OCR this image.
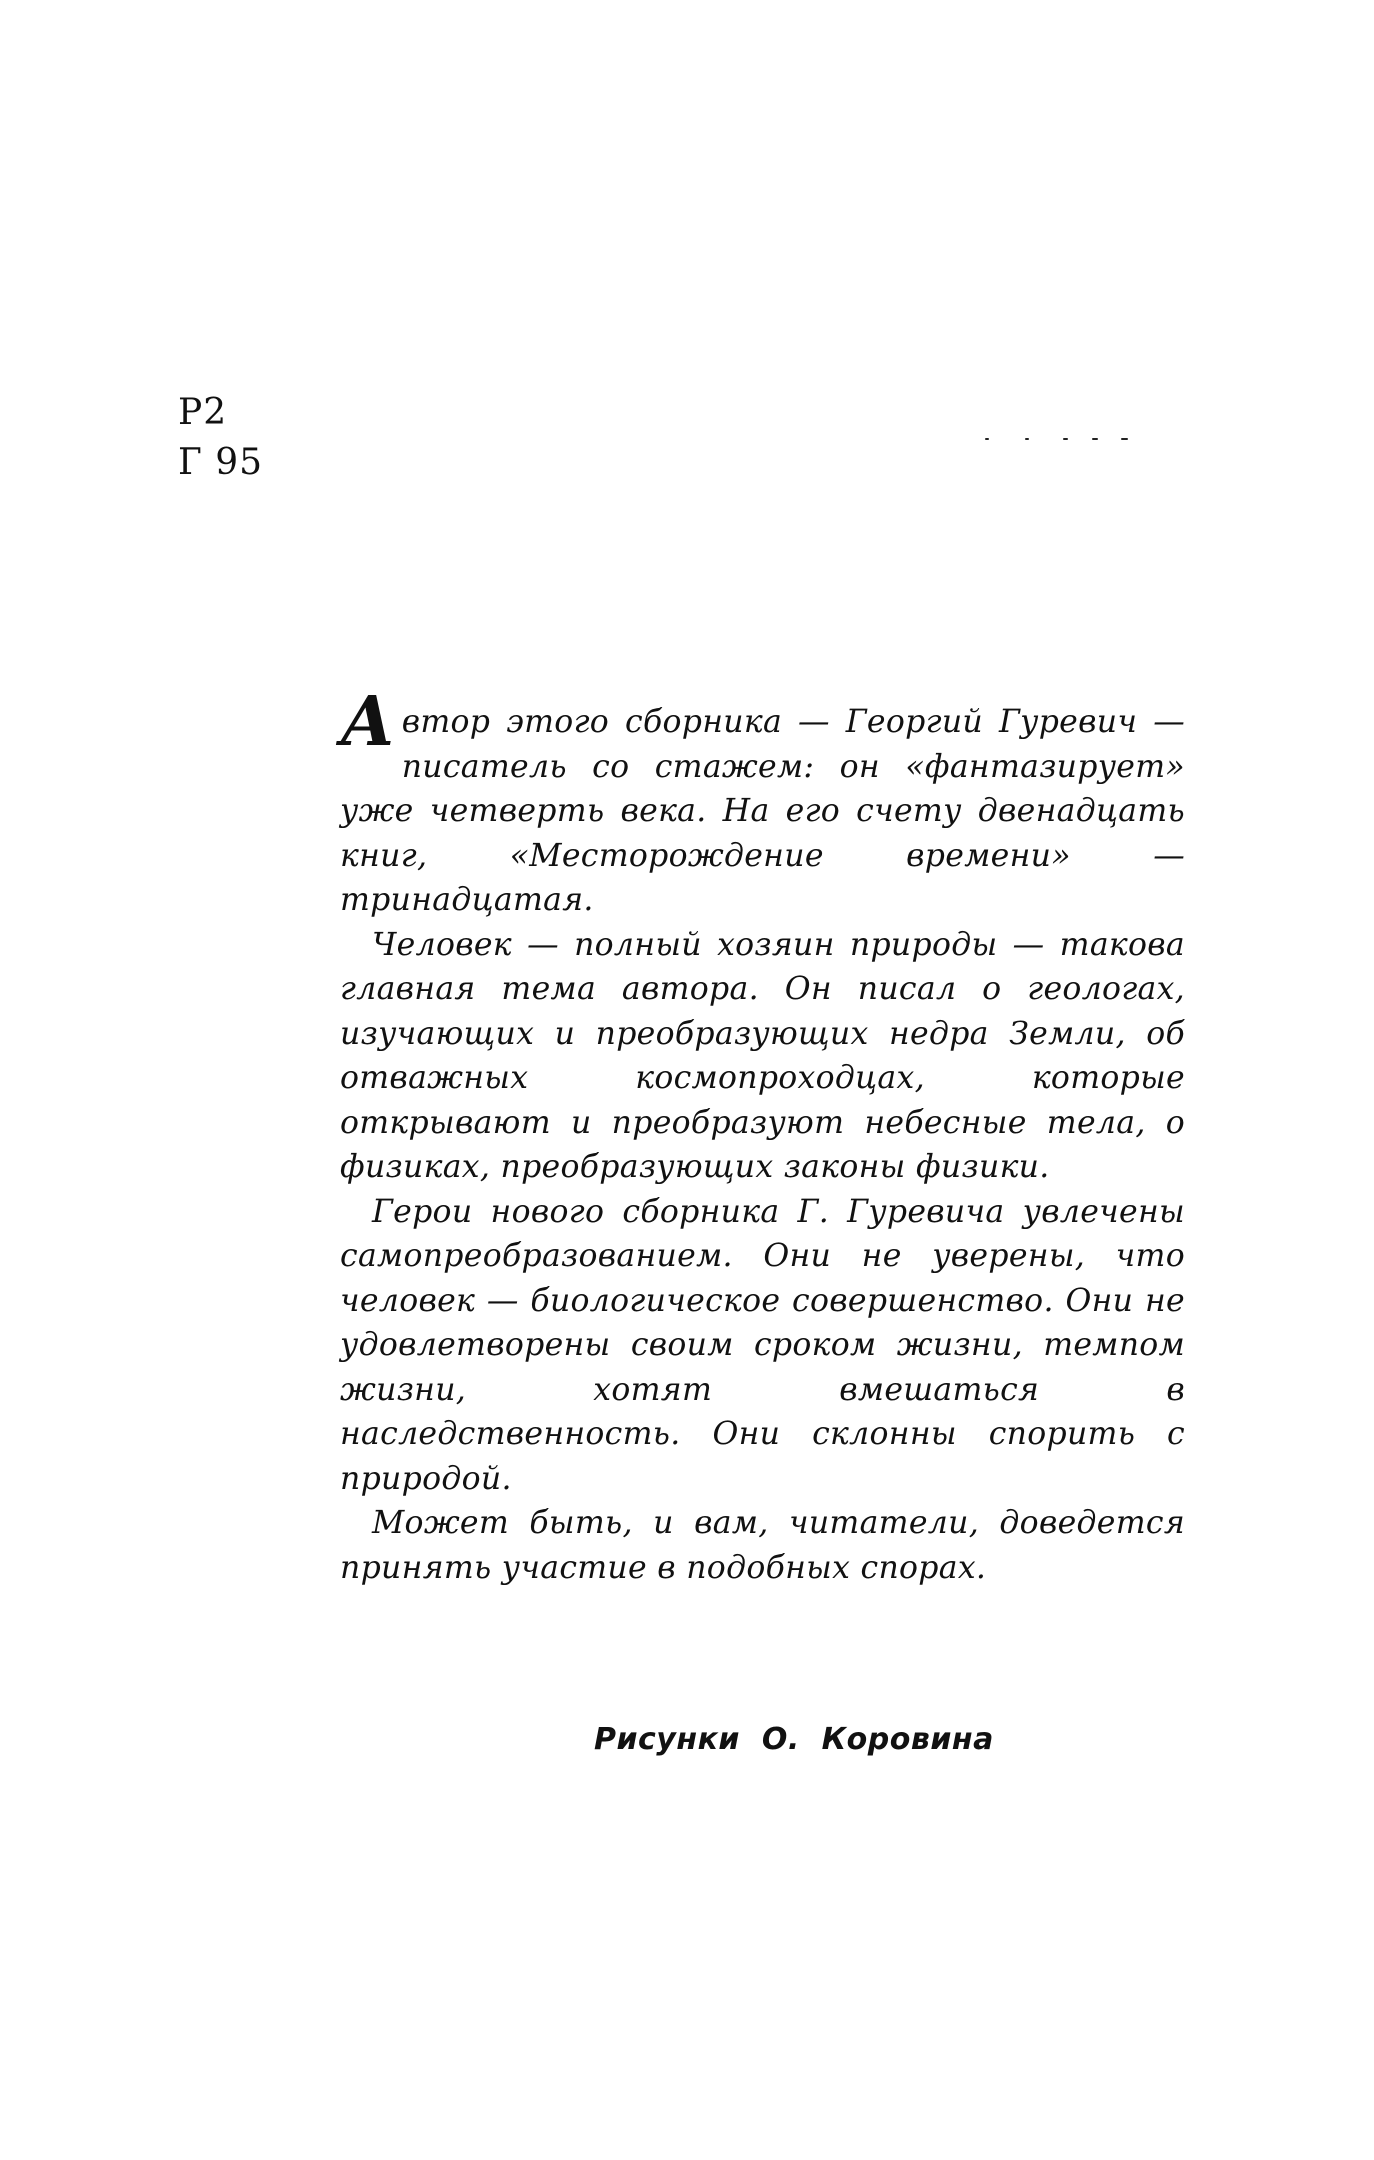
Р2
Г 95

Автор этого сборника — Георгий Гуревич — писатель со стажем: он «фантазирует» уже четверть века. На его счету двенадцать книг, «Месторождение времени» — тринадцатая.

Человек — полный хозяин природы — такова главная тема автора. Он писал о геологах, изучающих и преобразующих недра Земли, об отважных космопроходцах, которые открывают и преобразуют небесные тела, о физиках, преобразующих законы физики.

Герои нового сборника Г. Гуревича увлечены самопреобразованием. Они не уверены, что человек — биологическое совершенство. Они не удовлетворены своим сроком жизни, темпом жизни, хотят вмешаться в наследственность. Они склонны спорить с природой.

Может быть, и вам, читатели, доведется принять участие в подобных спорах.

Рисунки  О.  Коровина
